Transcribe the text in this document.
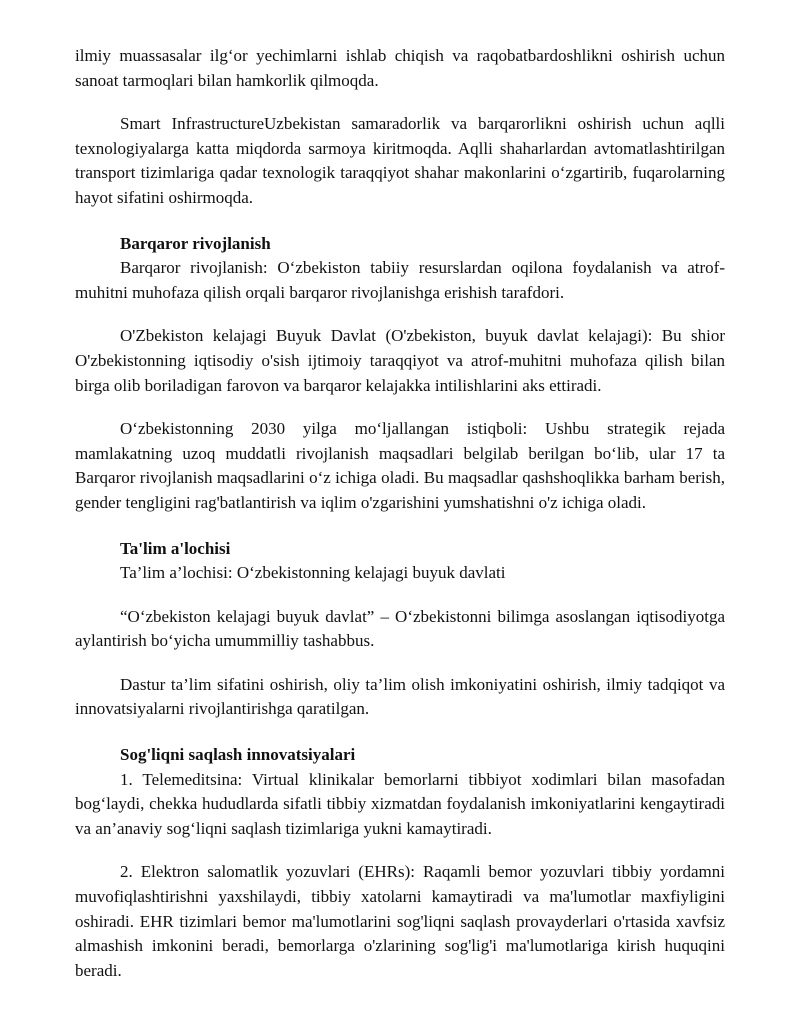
ilmiy muassasalar ilg‘or yechimlarni ishlab chiqish va raqobatbardoshlikni oshirish uchun sanoat tarmoqlari bilan hamkorlik qilmoqda.

Smart InfrastructureUzbekistan samaradorlik va barqarorlikni oshirish uchun aqlli texnologiyalarga katta miqdorda sarmoya kiritmoqda. Aqlli shaharlardan avtomatlashtirilgan transport tizimlariga qadar texnologik taraqqiyot shahar makonlarini o‘zgartirib, fuqarolarning hayot sifatini oshirmoqda.

Barqaror rivojlanish

Barqaror rivojlanish: O‘zbekiston tabiiy resurslardan oqilona foydalanish va atrof-muhitni muhofaza qilish orqali barqaror rivojlanishga erishish tarafdori.

O'Zbekiston kelajagi Buyuk Davlat (O'zbekiston, buyuk davlat kelajagi): Bu shior O'zbekistonning iqtisodiy o'sish ijtimoiy taraqqiyot va atrof-muhitni muhofaza qilish bilan birga olib boriladigan farovon va barqaror kelajakka intilishlarini aks ettiradi.

O‘zbekistonning 2030 yilga mo‘ljallangan istiqboli: Ushbu strategik rejada mamlakatning uzoq muddatli rivojlanish maqsadlari belgilab berilgan bo‘lib, ular 17 ta Barqaror rivojlanish maqsadlarini o‘z ichiga oladi. Bu maqsadlar qashshoqlikka barham berish, gender tengligini rag'batlantirish va iqlim o'zgarishini yumshatishni o'z ichiga oladi.

Ta'lim a'lochisi

Ta’lim a’lochisi: O‘zbekistonning kelajagi buyuk davlati

“O‘zbekiston kelajagi buyuk davlat” – O‘zbekistonni bilimga asoslangan iqtisodiyotga aylantirish bo‘yicha umummilliy tashabbus.

Dastur ta’lim sifatini oshirish, oliy ta’lim olish imkoniyatini oshirish, ilmiy tadqiqot va innovatsiyalarni rivojlantirishga qaratilgan.

Sog'liqni saqlash innovatsiyalari

1. Telemeditsina: Virtual klinikalar bemorlarni tibbiyot xodimlari bilan masofadan bog‘laydi, chekka hududlarda sifatli tibbiy xizmatdan foydalanish imkoniyatlarini kengaytiradi va an’anaviy sog‘liqni saqlash tizimlariga yukni kamaytiradi.

2. Elektron salomatlik yozuvlari (EHRs): Raqamli bemor yozuvlari tibbiy yordamni muvofiqlashtirishni yaxshilaydi, tibbiy xatolarni kamaytiradi va ma'lumotlar maxfiyligini oshiradi. EHR tizimlari bemor ma'lumotlarini sog'liqni saqlash provayderlari o'rtasida xavfsiz almashish imkonini beradi, bemorlarga o'zlarining sog'lig'i ma'lumotlariga kirish huquqini beradi.
